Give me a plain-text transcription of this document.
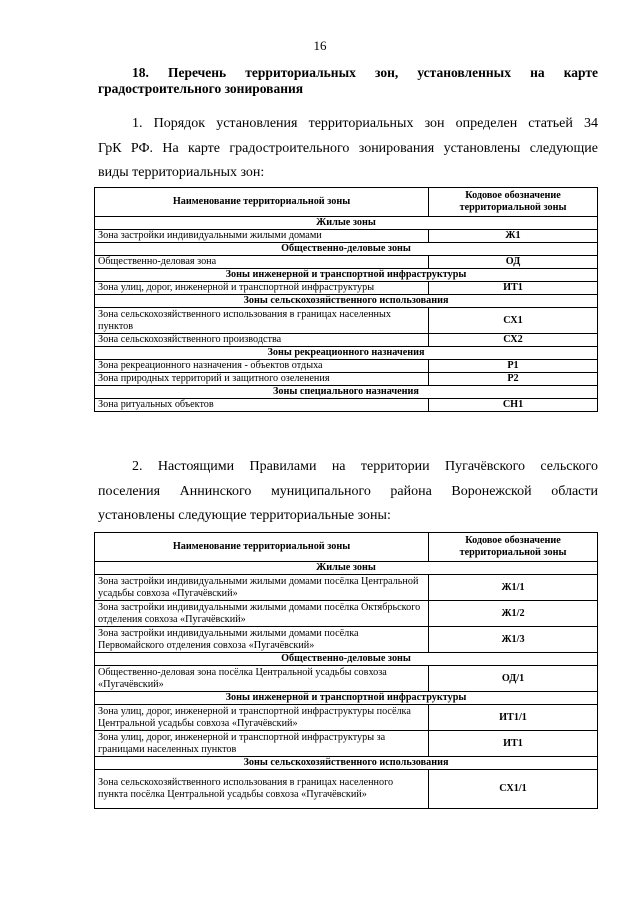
16
18. Перечень территориальных зон, установленных на карте градостроительного зонирования
1. Порядок установления территориальных зон определен статьей 34
ГрК РФ. На карте градостроительного зонирования установлены следующие
виды территориальных зон:
Наименование территориальной зоны	Кодовое обозначение территориальной зоны
Жилые зоны	
Зона застройки индивидуальными жилыми домами	Ж1
Общественно-деловые зоны	
Общественно-деловая зона	ОД
Зоны инженерной и транспортной инфраструктуры	
Зона улиц, дорог, инженерной и транспортной инфраструктуры	ИТ1
Зоны сельскохозяйственного использования	
Зона сельскохозяйственного использования в границах населенных пунктов	СХ1
Зона сельскохозяйственного производства	СХ2
Зоны рекреационного назначения	
Зона рекреационного назначения - объектов отдыха	Р1
Зона природных территорий и защитного озеленения	Р2
Зоны специального назначения	
Зона ритуальных объектов	СН1
2. Настоящими Правилами на территории Пугачёвского сельского
поселения Аннинского муниципального района Воронежской области
установлены следующие территориальные зоны:
Наименование территориальной зоны	Кодовое обозначение территориальной зоны
Жилые зоны	
Зона застройки индивидуальными жилыми домами посёлка Центральной усадьбы совхоза «Пугачёвский»	Ж1/1
Зона застройки индивидуальными жилыми домами посёлка Октябрьского отделения совхоза «Пугачёвский»	Ж1/2
Зона застройки индивидуальными жилыми домами посёлка Первомайского отделения совхоза «Пугачёвский»	Ж1/3
Общественно-деловые зоны	
Общественно-деловая зона посёлка Центральной усадьбы совхоза «Пугачёвский»	ОД/1
Зоны инженерной и транспортной инфраструктуры	
Зона улиц, дорог, инженерной и транспортной инфраструктуры посёлка Центральной усадьбы совхоза «Пугачёвский»	ИТ1/1
Зона улиц, дорог, инженерной и транспортной инфраструктуры за границами населенных пунктов	ИТ1
Зоны сельскохозяйственного использования	
Зона сельскохозяйственного использования в границах населенного пункта посёлка Центральной усадьбы совхоза «Пугачёвский»	СХ1/1
